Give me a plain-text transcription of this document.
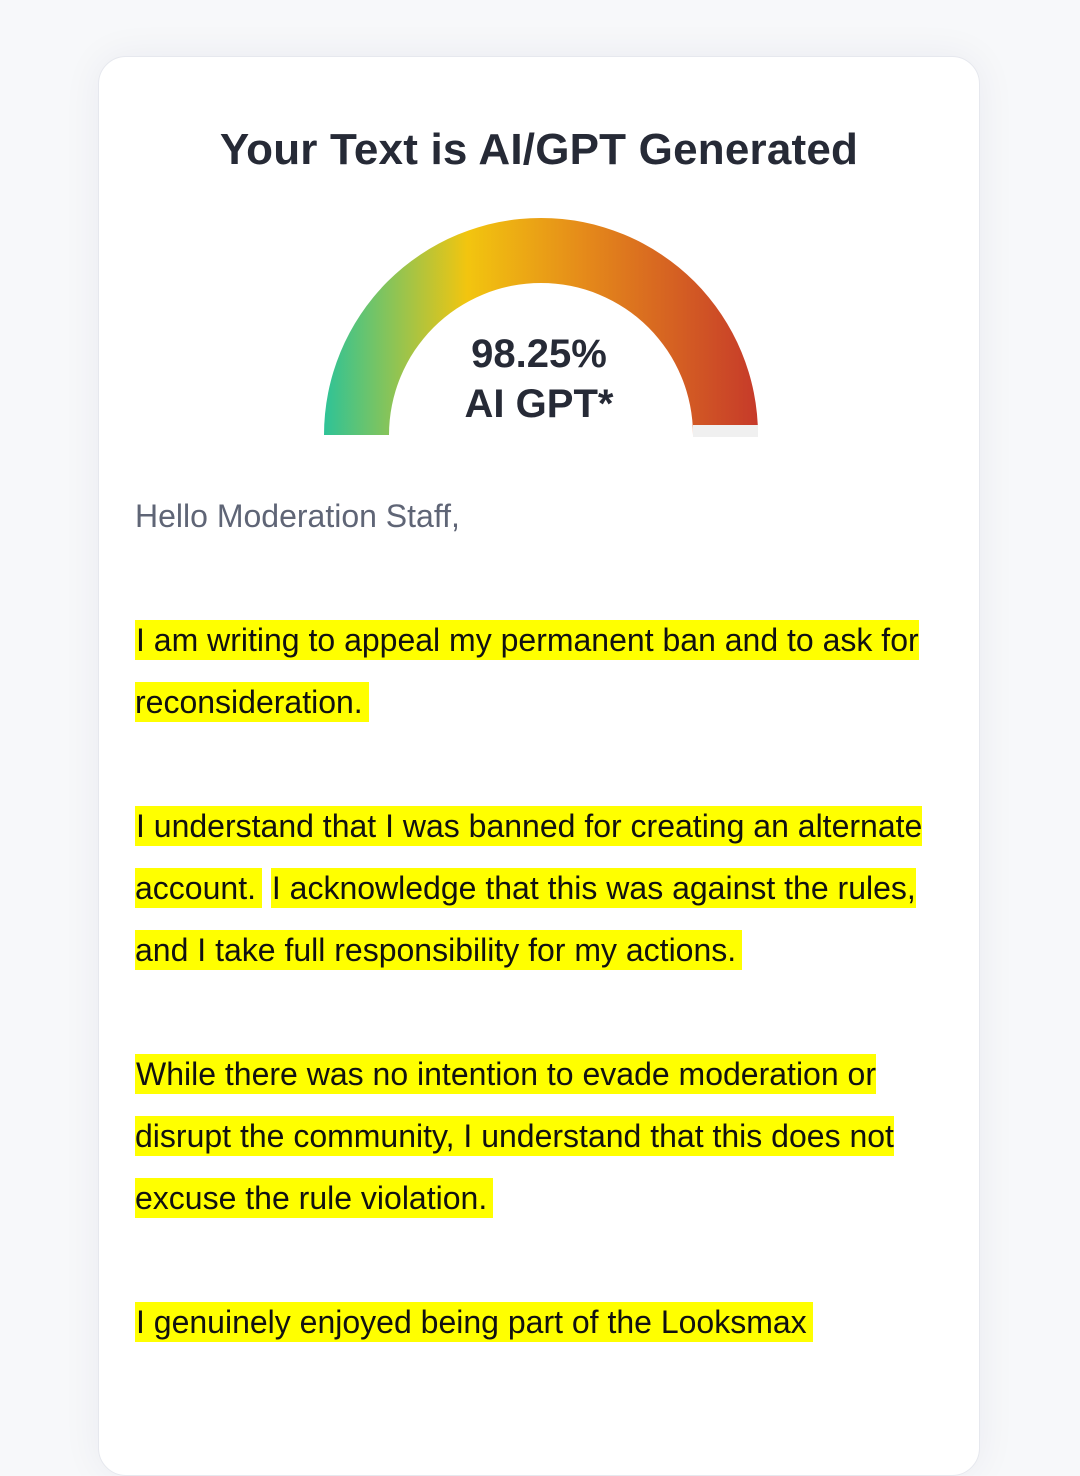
Your Text is AI/GPT Generated
98.25%
AI GPT*

Hello Moderation Staff,

I am writing to appeal my permanent ban and to ask for reconsideration.

I understand that I was banned for creating an alternate account. I acknowledge that this was against the rules, and I take full responsibility for my actions.

While there was no intention to evade moderation or disrupt the community, I understand that this does not excuse the rule violation.

I genuinely enjoyed being part of the Looksmax
